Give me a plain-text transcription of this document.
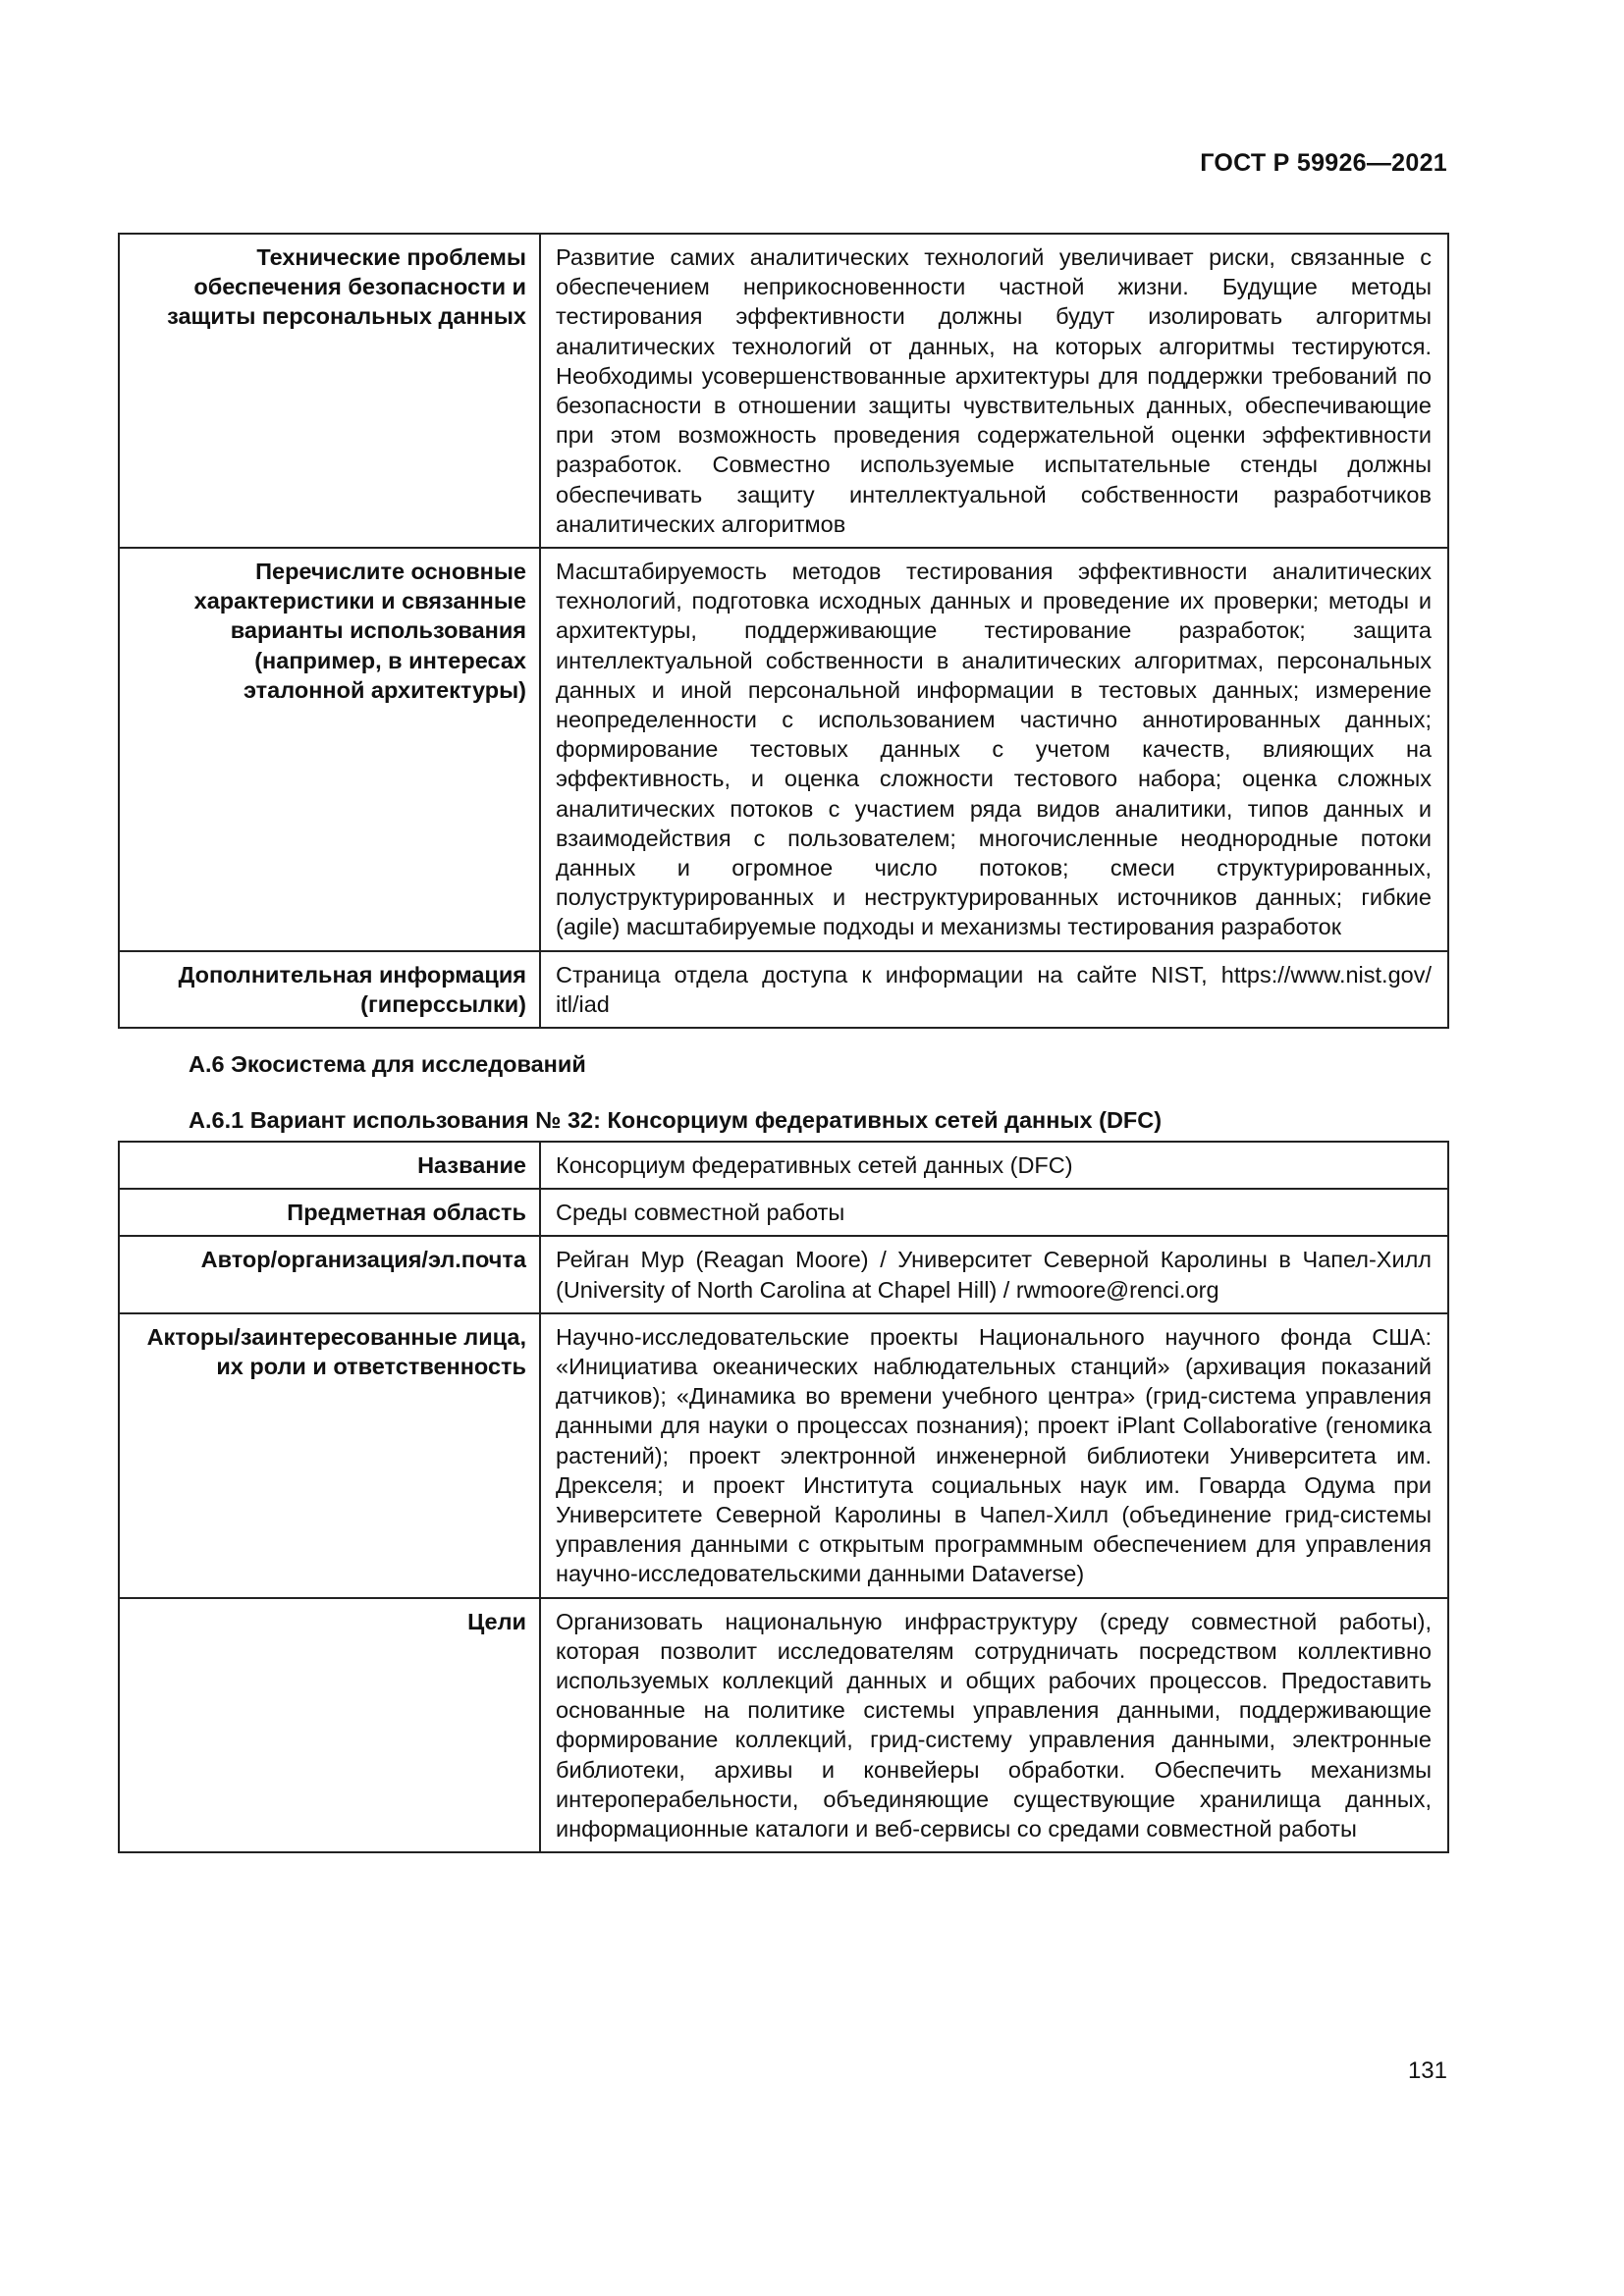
ГОСТ Р 59926—2021
Технические проблемы обеспечения безопасности и защиты персональных данных	Развитие самих аналитических технологий увеличивает риски, связанные с обеспечением неприкосновенности частной жизни. Будущие методы тестирования эффективности должны будут изолировать алгоритмы аналитических технологий от данных, на которых алгоритмы тестируются. Необходимы усовершенствованные архитектуры для поддержки требований по безопасности в отношении защиты чувствительных данных, обеспечивающие при этом возможность проведения содержательной оценки эффективности разработок. Совместно используемые испытательные стенды должны обеспечивать защиту интеллектуальной собственности разработчиков аналитических алгоритмов
Перечислите основные характеристики и связанные варианты использования (например, в интересах эталонной архитектуры)	Масштабируемость методов тестирования эффективности аналитических технологий, подготовка исходных данных и проведение их проверки; методы и архитектуры, поддерживающие тестирование разработок; защита интеллектуальной собственности в аналитических алгоритмах, персональных данных и иной персональной информации в тестовых данных; измерение неопределенности с использованием частично аннотированных данных; формирование тестовых данных с учетом качеств, влияющих на эффективность, и оценка сложности тестового набора; оценка сложных аналитических потоков с участием ряда видов аналитики, типов данных и взаимодействия с пользователем; многочисленные неоднородные потоки данных и огромное число потоков; смеси структурированных, полуструктурированных и неструктурированных источников данных; гибкие (agile) масштабируемые подходы и механизмы тестирования разработок
Дополнительная информация (гиперссылки)	Страница отдела доступа к информации на сайте NIST, https://www.nist.gov/ itl/iad
А.6 Экосистема для исследований
А.6.1 Вариант использования № 32: Консорциум федеративных сетей данных (DFC)
Название	Консорциум федеративных сетей данных (DFC)
Предметная область	Среды совместной работы
Автор/организация/эл.почта	Рейган Мур (Reagan Moore) / Университет Северной Каролины в Чапел-Хилл (University of North Carolina at Chapel Hill) / rwmoore@renci.org
Акторы/заинтересованные лица, их роли и ответственность	Научно-исследовательские проекты Национального научного фонда США: «Инициатива океанических наблюдательных станций» (архивация показаний датчиков); «Динамика во времени учебного центра» (грид-система управления данными для науки о процессах познания); проект iPlant Collaborative (геномика растений); проект электронной инженерной библиотеки Университета им. Дрекселя; и проект Института социальных наук им. Говарда Одума при Университете Северной Каролины в Чапел-Хилл (объединение грид-системы управления данными с открытым программным обеспечением для управления научно-исследовательскими данными Dataverse)
Цели	Организовать национальную инфраструктуру (среду совместной работы), которая позволит исследователям сотрудничать посредством коллективно используемых коллекций данных и общих рабочих процессов. Предоставить основанные на политике системы управления данными, поддерживающие формирование коллекций, грид-систему управления данными, электронные библиотеки, архивы и конвейеры обработки. Обеспечить механизмы интероперабельности, объединяющие существующие хранилища данных, информационные каталоги и веб-сервисы со средами совместной работы
131
